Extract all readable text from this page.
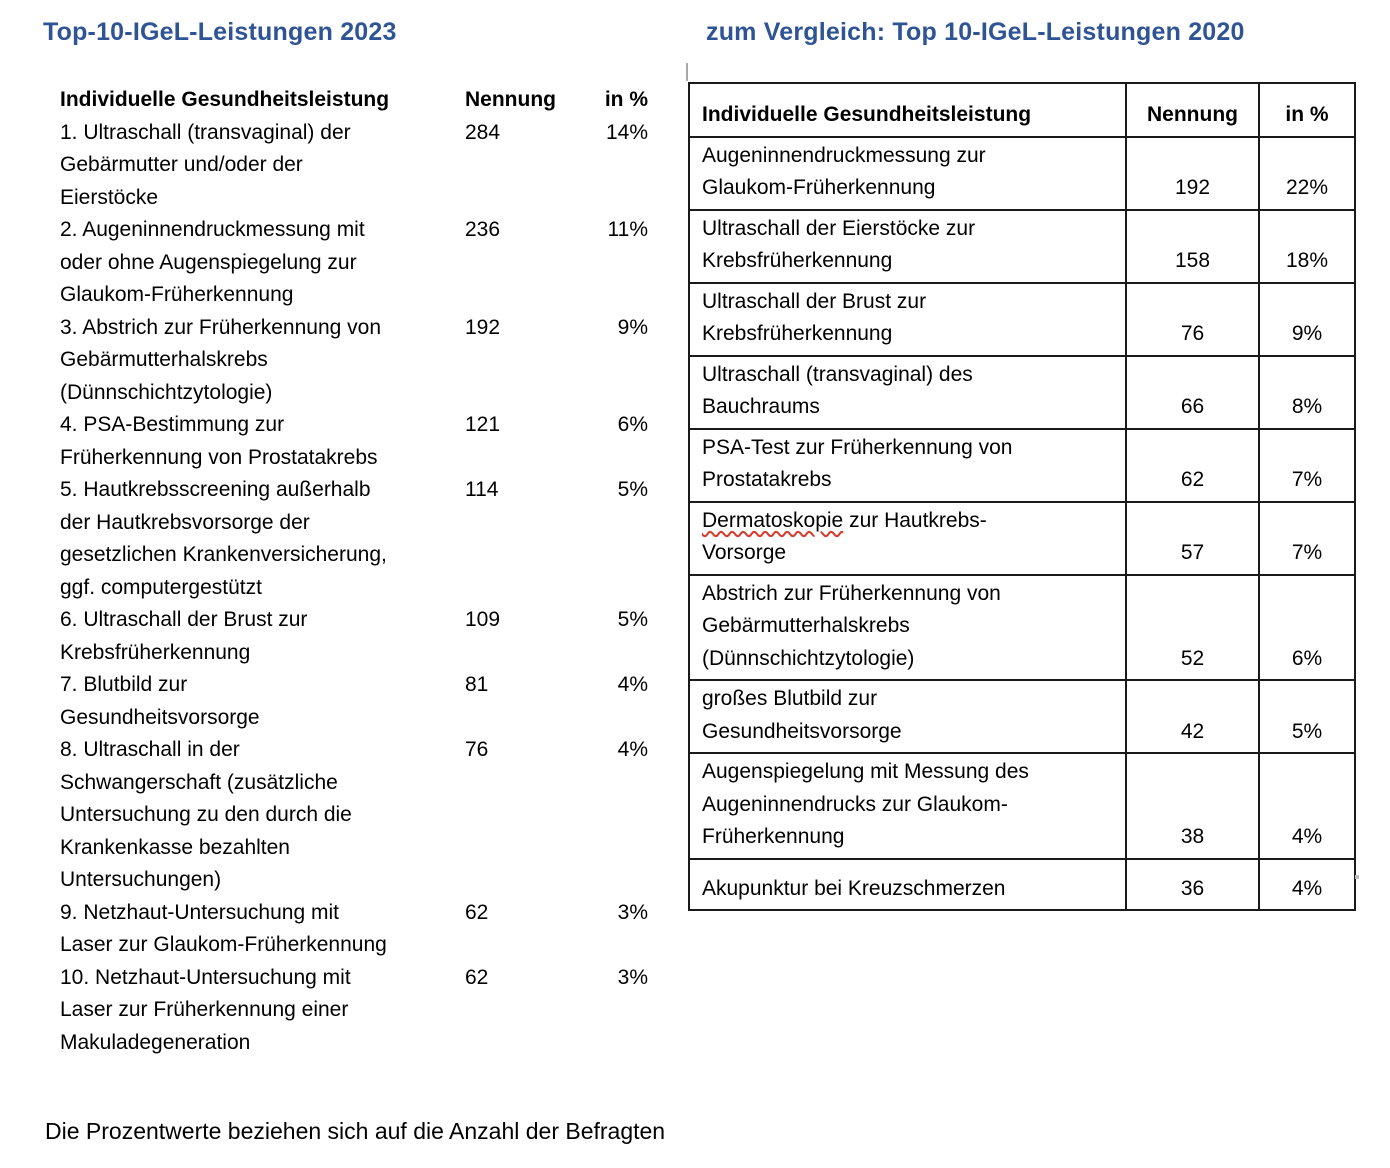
Top-10-IGeL-Leistungen 2023	zum Vergleich: Top 10-IGeL-Leistungen 2020
Individuelle Gesundheitsleistung	Nennung	in %
1. Ultraschall (transvaginal) der
Gebärmutter und/oder der
Eierstöcke
284	14%
2. Augeninnendruckmessung mit
oder ohne Augenspiegelung zur
Glaukom-Früherkennung
236	11%
3. Abstrich zur Früherkennung von
Gebärmutterhalskrebs
(Dünnschichtzytologie)
192	9%
4. PSA-Bestimmung zur
Früherkennung von Prostatakrebs
121	6%
5. Hautkrebsscreening außerhalb
der Hautkrebsvorsorge der
gesetzlichen Krankenversicherung,
ggf. computergestützt
114	5%
6. Ultraschall der Brust zur
Krebsfrüherkennung
109	5%
7. Blutbild zur
Gesundheitsvorsorge
81	4%
8. Ultraschall in der
Schwangerschaft (zusätzliche
Untersuchung zu den durch die
Krankenkasse bezahlten
Untersuchungen)
76	4%
9. Netzhaut-Untersuchung mit
Laser zur Glaukom-Früherkennung
62	3%
10. Netzhaut-Untersuchung mit
Laser zur Früherkennung einer
Makuladegeneration
62	3%
Individuelle Gesundheitsleistung	Nennung	in %
Augeninnendruckmessung zur
Glaukom-Früherkennung	192	22%
Ultraschall der Eierstöcke zur
Krebsfrüherkennung	158	18%
Ultraschall der Brust zur
Krebsfrüherkennung	76	9%
Ultraschall (transvaginal) des
Bauchraums	66	8%
PSA-Test zur Früherkennung von
Prostatakrebs	62	7%
Dermatoskopie zur Hautkrebs-
Vorsorge	57	7%
Abstrich zur Früherkennung von
Gebärmutterhalskrebs
(Dünnschichtzytologie)	52	6%
großes Blutbild zur
Gesundheitsvorsorge	42	5%
Augenspiegelung mit Messung des
Augeninnendrucks zur Glaukom-
Früherkennung	38	4%
Akupunktur bei Kreuzschmerzen	36	4%
Die Prozentwerte beziehen sich auf die Anzahl der Befragten
